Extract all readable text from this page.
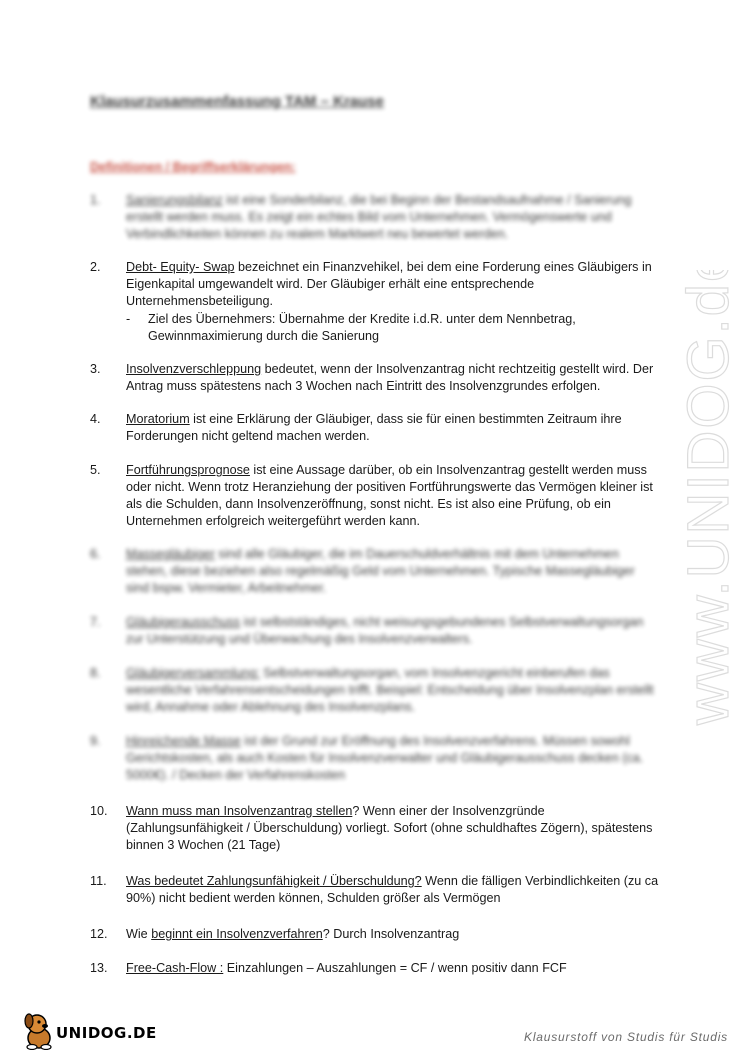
Klausurzusammenfassung TAM – Krause
Definitionen / Begriffserklärungen:
1.	Sanierungsbilanz ist eine Sonderbilanz, die bei Beginn der Bestandsaufnahme / Sanierung erstellt werden muss. Es zeigt ein echtes Bild vom Unternehmen. Vermögenswerte und Verbindlichkeiten können zu realem Marktwert neu bewertet werden.
2.	Debt- Equity- Swap bezeichnet ein Finanzvehikel, bei dem eine Forderung eines Gläubigers in Eigenkapital umgewandelt wird. Der Gläubiger erhält eine entsprechende Unternehmensbeteiligung.
- Ziel des Übernehmers: Übernahme der Kredite i.d.R. unter dem Nennbetrag, Gewinnmaximierung durch die Sanierung
3.	Insolvenzverschleppung bedeutet, wenn der Insolvenzantrag nicht rechtzeitig gestellt wird. Der Antrag muss spätestens nach 3 Wochen nach Eintritt des Insolvenzgrundes erfolgen.
4.	Moratorium ist eine Erklärung der Gläubiger, dass sie für einen bestimmten Zeitraum ihre Forderungen nicht geltend machen werden.
5.	Fortführungsprognose ist eine Aussage darüber, ob ein Insolvenzantrag gestellt werden muss oder nicht. Wenn trotz Heranziehung der positiven Fortführungswerte das Vermögen kleiner ist als die Schulden, dann Insolvenzeröffnung, sonst nicht. Es ist also eine Prüfung, ob ein Unternehmen erfolgreich weitergeführt werden kann.
6.	Massegläubiger sind alle Gläubiger, die im Dauerschuldverhältnis mit dem Unternehmen stehen, diese beziehen also regelmäßig Geld vom Unternehmen. Typische Massegläubiger sind bspw. Vermieter, Arbeitnehmer.
7.	Gläubigerausschuss ist selbstständiges, nicht weisungsgebundenes Selbstverwaltungsorgan zur Unterstützung und Überwachung des Insolvenzverwalters.
8.	Gläubigerversammlung: Selbstverwaltungsorgan, vom Insolvenzgericht einberufen das wesentliche Verfahrensentscheidungen trifft. Beispiel: Entscheidung über Insolvenzplan erstellt wird, Annahme oder Ablehnung des Insolvenzplans.
9.	Hinreichende Masse ist der Grund zur Eröffnung des Insolvenzverfahrens. Müssen sowohl Gerichtskosten, als auch Kosten für Insolvenzverwalter und Gläubigerausschuss decken (ca. 5000€). / Decken der Verfahrenskosten
10.	Wann muss man Insolvenzantrag stellen? Wenn einer der Insolvenzgründe (Zahlungsunfähigkeit / Überschuldung) vorliegt. Sofort (ohne schuldhaftes Zögern), spätestens binnen 3 Wochen (21 Tage)
11.	Was bedeutet Zahlungsunfähigkeit / Überschuldung? Wenn die fälligen Verbindlichkeiten (zu ca 90%) nicht bedient werden können, Schulden größer als Vermögen
12.	Wie beginnt ein Insolvenzverfahren? Durch Insolvenzantrag
13.	Free-Cash-Flow : Einzahlungen – Auszahlungen = CF / wenn positiv dann FCF
www.UNIDOG.de
UNIDOG.DE	Klausurstoff von Studis für Studis
